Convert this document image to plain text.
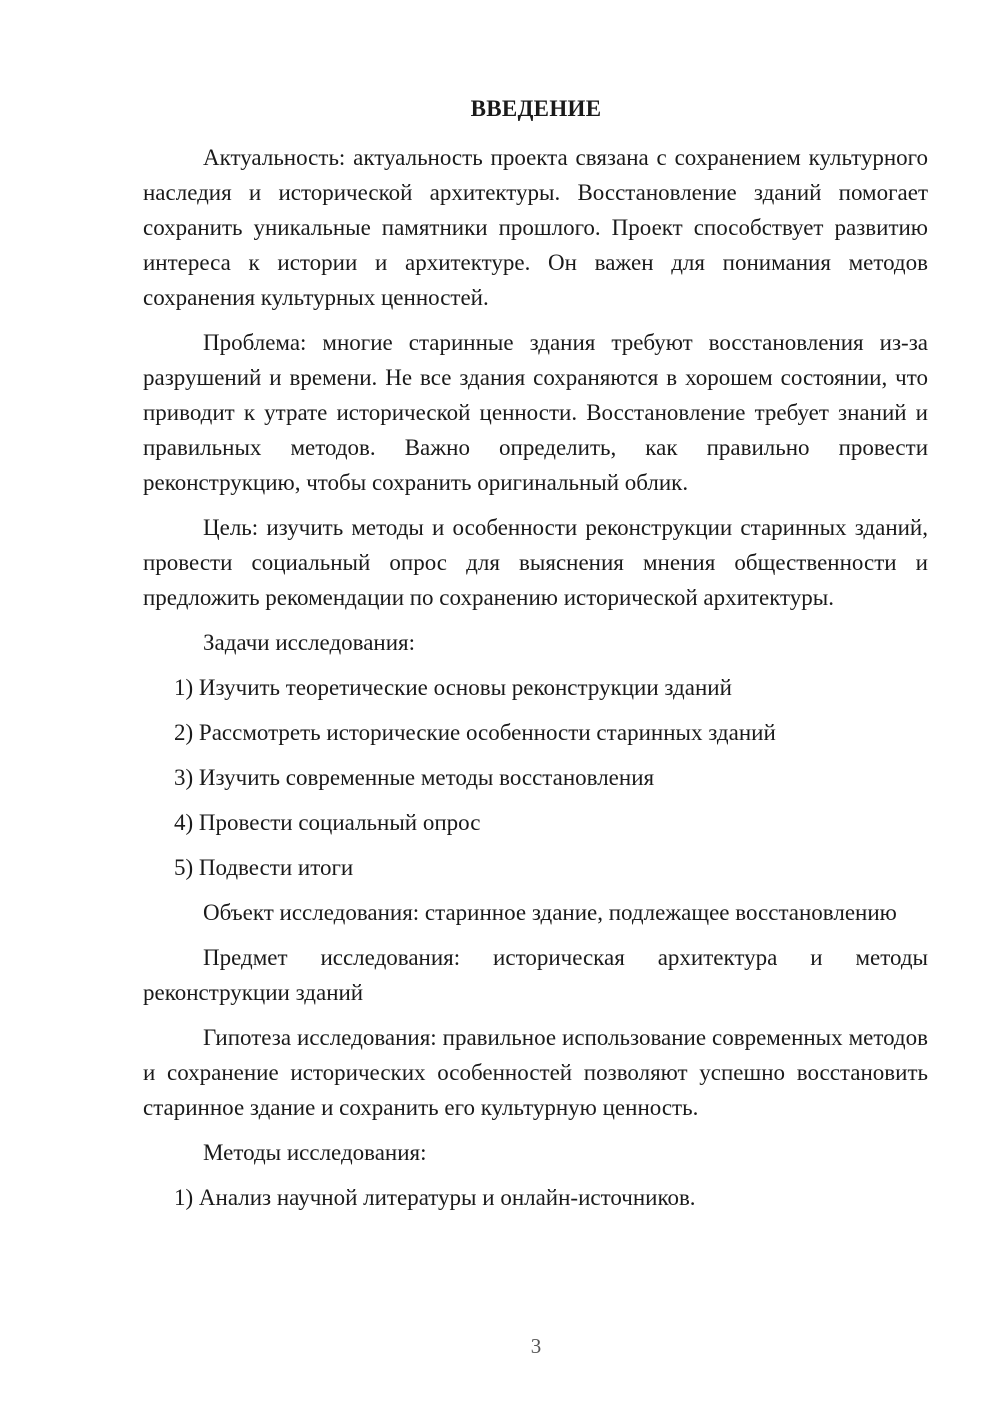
ВВЕДЕНИЕ

Актуальность: актуальность проекта связана с сохранением культурного наследия и исторической архитектуры. Восстановление зданий помогает сохранить уникальные памятники прошлого. Проект способствует развитию интереса к истории и архитектуре. Он важен для понимания методов сохранения культурных ценностей.

Проблема: многие старинные здания требуют восстановления из-за разрушений и времени. Не все здания сохраняются в хорошем состоянии, что приводит к утрате исторической ценности. Восстановление требует знаний и правильных методов. Важно определить, как правильно провести реконструкцию, чтобы сохранить оригинальный облик.

Цель: изучить методы и особенности реконструкции старинных зданий, провести социальный опрос для выяснения мнения общественности и предложить рекомендации по сохранению исторической архитектуры.

Задачи исследования:

1) Изучить теоретические основы реконструкции зданий
2) Рассмотреть исторические особенности старинных зданий
3) Изучить современные методы восстановления
4) Провести социальный опрос
5) Подвести итоги

Объект исследования: старинное здание, подлежащее восстановлению

Предмет исследования: историческая архитектура и методы реконструкции зданий

Гипотеза исследования: правильное использование современных методов и сохранение исторических особенностей позволяют успешно восстановить старинное здание и сохранить его культурную ценность.

Методы исследования:

1) Анализ научной литературы и онлайн-источников.
3
